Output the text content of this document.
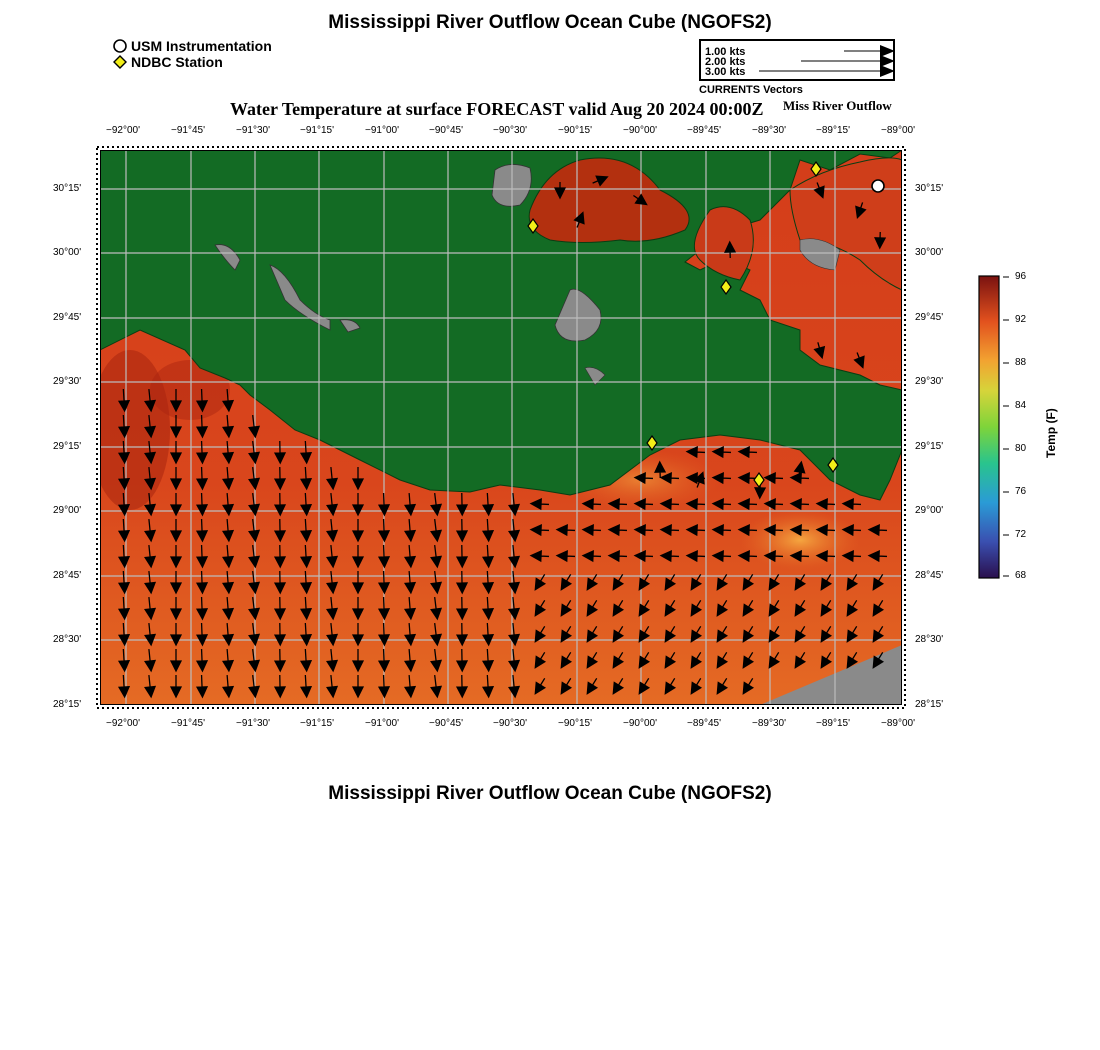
Mississippi River Outflow Ocean Cube (NGOFS2)
USM Instrumentation
NDBC Station
1.00 kts
2.00 kts
3.00 kts
CURRENTS Vectors
Water Temperature at surface FORECAST valid Aug 20 2024 00:00Z Miss River Outflow
−92°00'	−91°45'	−91°30'	−91°15'	−91°00'	−90°45'	−90°30'	−90°15'	−90°00'	−89°45'	−89°30'	−89°15'	−89°00'
−92°00'	−91°45'	−91°30'	−91°15'	−91°00'	−90°45'	−90°30'	−90°15'	−90°00'	−89°45'	−89°30'	−89°15'	−89°00'
30°15'
30°00'
29°45'
29°30'
29°15'
29°00'
28°45'
28°30'
28°15'
30°15'
30°00'
29°45'
29°30'
29°15'
29°00'
28°45'
28°30'
28°15'
96
92
88
84
80
76
72
68
Temp (F)
Mississippi River Outflow Ocean Cube (NGOFS2)
